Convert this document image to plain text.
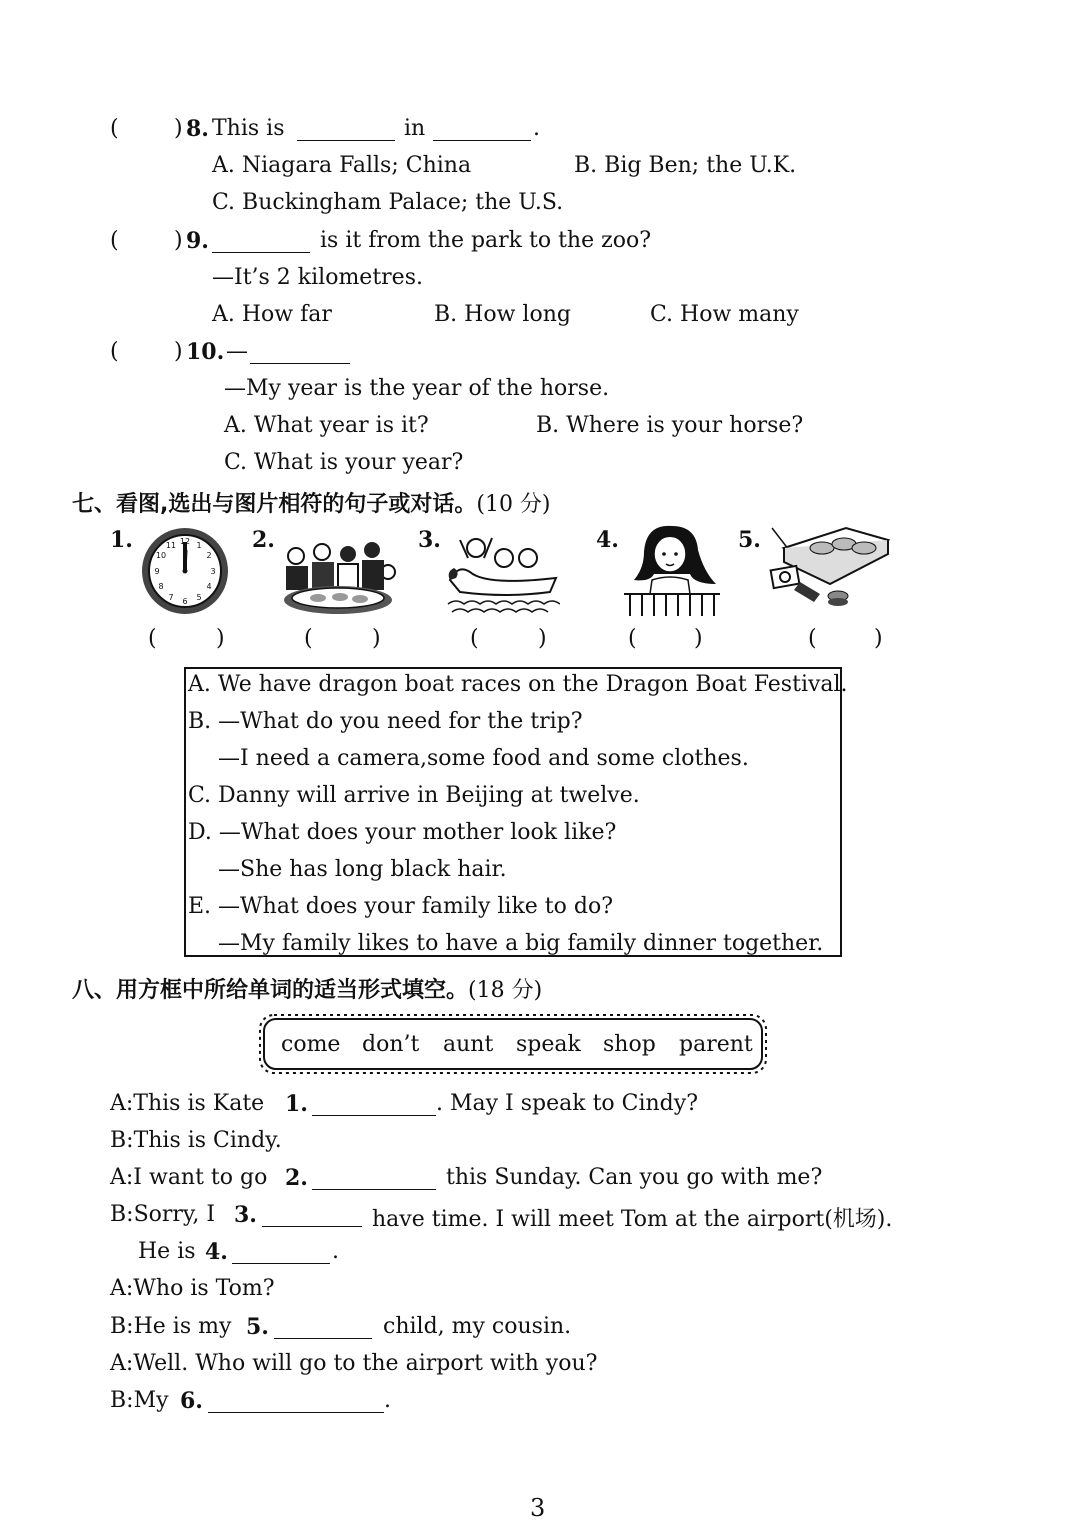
(	) 8. This is	in	.
A. Niagara Falls; China	B. Big Ben; the U.K.
C. Buckingham Palace; the U.S.
(	) 9.	is it from the park to the zoo?
—It’s 2 kilometres.
A. How far	B. How long	C. How many
(	) 10. —
—My year is the year of the horse.
A. What year is it?	B. Where is your horse?
C. What is your year?
七、看图,选出与图片相符的句子或对话。(10 分)
1.	2.	3.	4.	5.
12 1
2
3
4
5
6
7
8
9
10
11
(	)	(	)	(	)	(	)	(	)
A. We have dragon boat races on the Dragon Boat Festival.
B. —What do you need for the trip?
—I need a camera,some food and some clothes.
C. Danny will arrive in Beijing at twelve.
D. —What does your mother look like?
—She has long black hair.
E. —What does your family like to do?
—My family likes to have a big family dinner together.
八、用方框中所给单词的适当形式填空。(18 分)
come don’t aunt speak shop parent
A:This is Kate 1.	. May I speak to Cindy?
B:This is Cindy.
A:I want to go 2.	this Sunday. Can you go with me?
B:Sorry, I 3.	have time. I will meet Tom at the airport(机场).
He is 4.	.
A:Who is Tom?
B:He is my 5.	child, my cousin.
A:Well. Who will go to the airport with you?
B:My 6.	.
3
